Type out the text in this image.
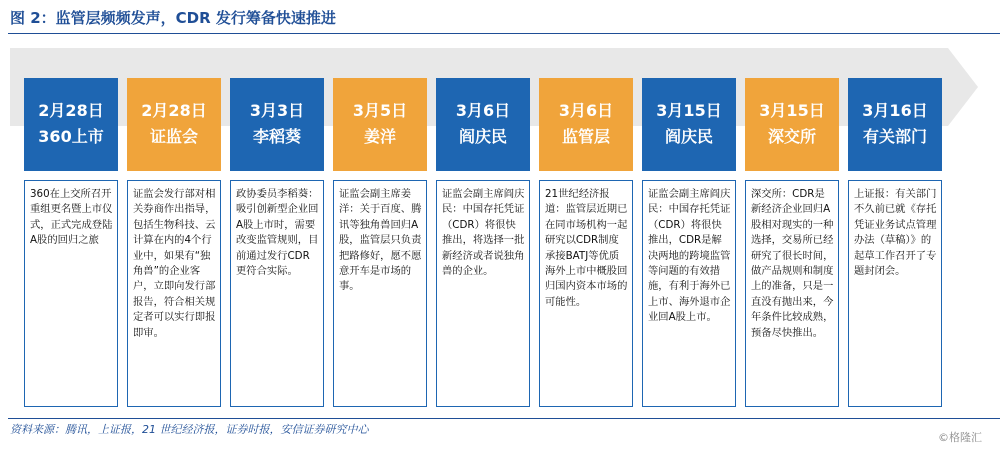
图 2：监管层频频发声，CDR 发行筹备快速推进
2月28日
360上市
360在上交所召开重组更名暨上市仪式，正式完成登陆A股的回归之旅
2月28日
证监会
证监会发行部对相关券商作出指导，包括生物科技、云计算在内的4个行业中，如果有“独角兽”的企业客户，立即向发行部报告，符合相关规定者可以实行即报即审。
3月3日
李稻葵
政协委员李稻葵：吸引创新型企业回A股上市时，需要改变监管规则，目前通过发行CDR更符合实际。
3月5日
姜洋
证监会副主席姜洋：关于百度、腾讯等独角兽回归A股，监管层只负责把路修好，愿不愿意开车是市场的事。
3月6日
阎庆民
证监会副主席阎庆民：中国存托凭证（CDR）将很快推出，将选择一批新经济或者说独角兽的企业。
3月6日
监管层
21世纪经济报道：监管层近期已在同市场机构一起研究以CDR制度承接BATJ等优质海外上市中概股回归国内资本市场的可能性。
3月15日
阎庆民
证监会副主席阎庆民：中国存托凭证（CDR）将很快推出，CDR是解决两地的跨境监管等问题的有效措施，有利于海外已上市、海外退市企业回A股上市。
3月15日
深交所
深交所：CDR是新经济企业回归A股相对现实的一种选择，交易所已经研究了很长时间，做产品规则和制度上的准备，只是一直没有抛出来，今年条件比较成熟，预备尽快推出。
3月16日
有关部门
上证报：有关部门不久前已就《存托凭证业务试点管理办法（草稿）》的起草工作召开了专题封闭会。
资料来源：腾讯，上证报，21 世纪经济报，证券时报，安信证券研究中心
©格隆汇
